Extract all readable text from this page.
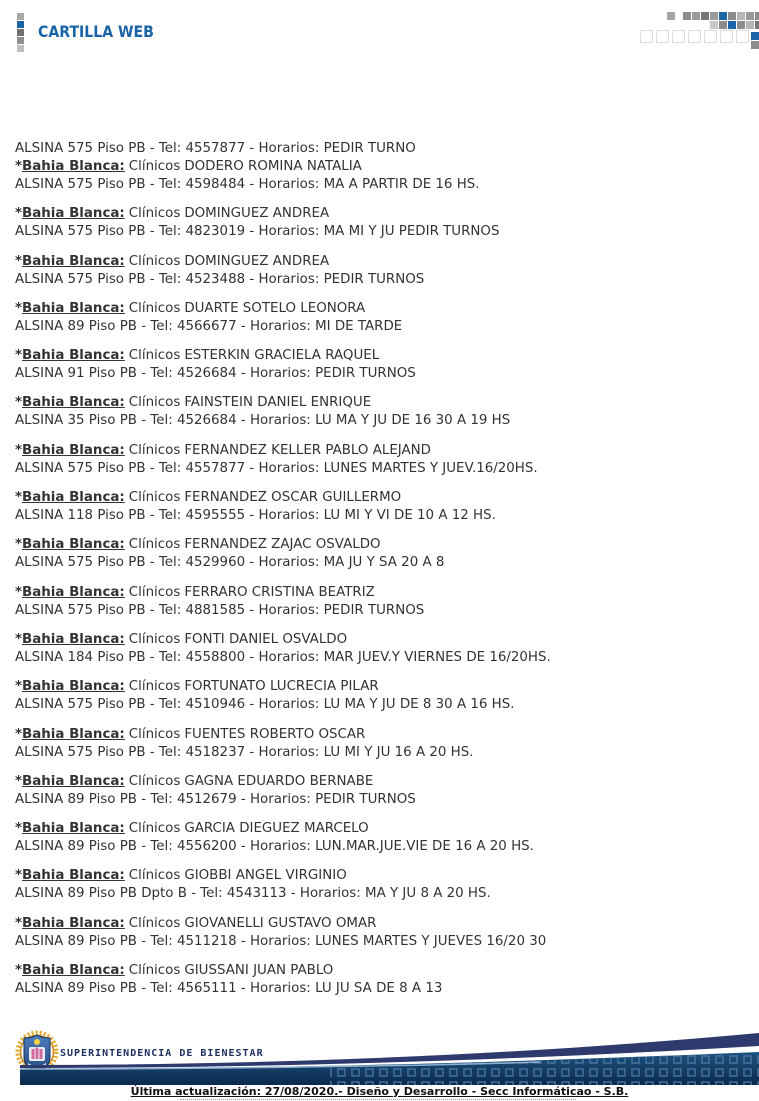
CARTILLA WEB

ALSINA 575 Piso PB - Tel: 4557877 - Horarios: PEDIR TURNO

*Bahia Blanca: Clínicos DODERO ROMINA NATALIA

ALSINA 575 Piso PB - Tel: 4598484 - Horarios: MA A PARTIR DE 16 HS.

*Bahia Blanca: Clínicos DOMINGUEZ ANDREA

ALSINA 575 Piso PB - Tel: 4823019 - Horarios: MA MI Y JU PEDIR TURNOS

*Bahia Blanca: Clínicos DOMINGUEZ ANDREA

ALSINA 575 Piso PB - Tel: 4523488 - Horarios: PEDIR TURNOS

*Bahia Blanca: Clínicos DUARTE SOTELO LEONORA

ALSINA 89 Piso PB - Tel: 4566677 - Horarios: MI DE TARDE

*Bahia Blanca: Clínicos ESTERKIN GRACIELA RAQUEL

ALSINA 91 Piso PB - Tel: 4526684 - Horarios: PEDIR TURNOS

*Bahia Blanca: Clínicos FAINSTEIN DANIEL ENRIQUE

ALSINA 35 Piso PB - Tel: 4526684 - Horarios: LU MA Y JU DE 16 30 A 19 HS

*Bahia Blanca: Clínicos FERNANDEZ KELLER PABLO ALEJAND

ALSINA 575 Piso PB - Tel: 4557877 - Horarios: LUNES MARTES Y JUEV.16/20HS.

*Bahia Blanca: Clínicos FERNANDEZ OSCAR GUILLERMO

ALSINA 118 Piso PB - Tel: 4595555 - Horarios: LU MI Y VI DE 10 A 12 HS.

*Bahia Blanca: Clínicos FERNANDEZ ZAJAC OSVALDO

ALSINA 575 Piso PB - Tel: 4529960 - Horarios: MA JU Y SA 20 A 8

*Bahia Blanca: Clínicos FERRARO CRISTINA BEATRIZ

ALSINA 575 Piso PB - Tel: 4881585 - Horarios: PEDIR TURNOS

*Bahia Blanca: Clínicos FONTI DANIEL OSVALDO

ALSINA 184 Piso PB - Tel: 4558800 - Horarios: MAR JUEV.Y VIERNES DE 16/20HS.

*Bahia Blanca: Clínicos FORTUNATO LUCRECIA PILAR

ALSINA 575 Piso PB - Tel: 4510946 - Horarios: LU MA Y JU DE 8 30 A 16 HS.

*Bahia Blanca: Clínicos FUENTES ROBERTO OSCAR

ALSINA 575 Piso PB - Tel: 4518237 - Horarios: LU MI Y JU 16 A 20 HS.

*Bahia Blanca: Clínicos GAGNA EDUARDO BERNABE

ALSINA 89 Piso PB - Tel: 4512679 - Horarios: PEDIR TURNOS

*Bahia Blanca: Clínicos GARCIA DIEGUEZ MARCELO

ALSINA 89 Piso PB - Tel: 4556200 - Horarios: LUN.MAR.JUE.VIE DE 16 A 20 HS.

*Bahia Blanca: Clínicos GIOBBI ANGEL VIRGINIO

ALSINA 89 Piso PB Dpto B - Tel: 4543113 - Horarios: MA Y JU 8 A 20 HS.

*Bahia Blanca: Clínicos GIOVANELLI GUSTAVO OMAR

ALSINA 89 Piso PB - Tel: 4511218 - Horarios: LUNES MARTES Y JUEVES 16/20 30

*Bahia Blanca: Clínicos GIUSSANI JUAN PABLO

ALSINA 89 Piso PB - Tel: 4565111 - Horarios: LU JU SA DE 8 A 13

SUPERINTENDENCIA DE BIENESTAR
Última actualización: 27/08/2020.- Diseño y Desarrollo - Secc Informáticao - S.B.
